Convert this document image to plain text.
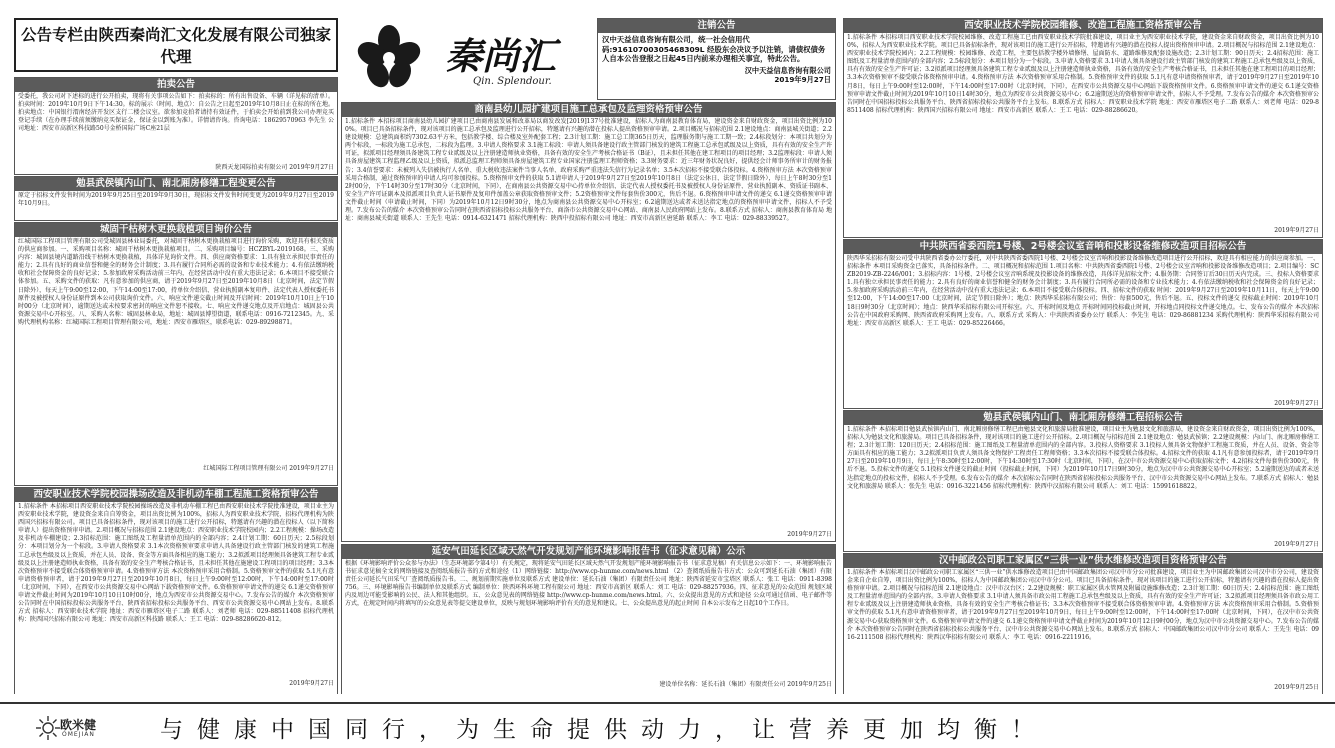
公告专栏由陕西秦尚汇文化发展有限公司独家代理
拍卖公告
受委托，我公司对下述标的进行公开拍卖，现将有关事项公告如下：拍卖标的：所有出售设备、车辆（详见标的清单）。拍卖时间：2019年10月9日下午14:30。标的展示（时间、地点）：自公告之日起至2019年10月8日止在标的所在地。拍卖地点：中国银行渭南经济开发区支行二楼会议室。欲参加竞拍者请持有效证件，于拍卖会开始前到我公司办理竞买登记手续（在办理手续前须缴纳竞买保证金，保证金以到账为准）。详情请咨询。咨询电话：18629570963 李先生 公司地址：西安市高新区科技路50号金桥国际广场C座21层
陕西天龙国际拍卖有限公司 2019年9月27日
勉县武侯镇内山门、南北厢房修缮工程变更公告
原定于招标文件发售时间为2019年9月25日至2019年9月30日，现招标文件发售时间变更为2019年9月27日至2019年10月9日。
城固干枯树木更换栽植项目询价公告
红城国际工程项目管理有限公司受城固县林业局委托，对城固干枯树木更换栽植项目进行询价采购，欢迎具有相关资质的供应商参加。一、采购项目名称：城固干枯树木更换栽植项目。二、采购项目编号：HCZBYL-2019168。三、采购内容：城固县境内道路沿线干枯树木更换栽植，具体详见询价文件。四、供应商资格要求：1.具有独立承担民事责任的能力；2.具有良好的商业信誉和健全的财务会计制度；3.具有履行合同所必需的设备和专业技术能力；4.有依法缴纳税收和社会保障资金的良好记录；5.参加政府采购活动前三年内，在经营活动中没有重大违法记录；6.本项目不接受联合体参加。五、采购文件的获取：凡有意参加的供应商，请于2019年9月27日至2019年10月8日（北京时间，法定节假日除外），每天上午9:00至12:00，下午14:00至17:00，持单位介绍信、营业执照副本复印件、法定代表人授权委托书原件及被授权人身份证原件到本公司获取询价文件。六、响应文件递交截止时间及开启时间：2019年10月10日上午10时00分（北京时间），逾期送达或未按要求密封的响应文件恕不接收。七、响应文件递交地点及开启地点：城固县公共资源交易中心开标室。八、采购人名称：城固县林业局，地址：城固县博望街道，联系电话：0916-7212345。九、采购代理机构名称：红城国际工程项目管理有限公司，地址：西安市雁塔区，联系电话：029-89298871。
红城国际工程项目管理有限公司 2019年9月27日
西安职业技术学院校园操场改造及非机动车棚工程施工资格预审公告
1.招标条件 本招标项目西安职业技术学院校园操场改造及非机动车棚工程已由西安职业技术学院批准建设，项目业主为西安职业技术学院，建设资金来自自筹资金，项目出资比例为100%，招标人为西安职业技术学院，招标代理机构为陕西国兴招标有限公司。项目已具备招标条件，现对该项目的施工进行公开招标，特邀请有兴趣的潜在投标人（以下简称申请人）提出资格预审申请。2.项目概况与招标范围 2.1建设地点：西安职业技术学院校园内；2.2工程规模：操场改造及非机动车棚建设；2.3招标范围：施工图纸及工程量清单范围内的全部内容；2.4计划工期：60日历天；2.5标段划分：本项目划分为一个标段。3.申请人资格要求 3.1本次资格预审要求申请人具备建设行政主管部门核发的建筑工程施工总承包叁级及以上资质，并在人员、设备、资金等方面具备相应的施工能力；3.2拟派项目经理须具备建筑工程专业贰级及以上注册建造师执业资格，具备有效的安全生产考核合格证书，且未担任其他在施建设工程项目的项目经理；3.3本次资格预审不接受联合体资格预审申请。4.资格预审方法 本次资格预审采用合格制。5.资格预审文件的获取 5.1凡有意申请资格预审者，请于2019年9月27日至2019年10月8日，每日上午9:00时至12:00时，下午14:00时至17:00时（北京时间，下同），在西安市公共资源交易中心网站下载资格预审文件。6.资格预审申请文件的递交 6.1递交资格预审申请文件截止时间为2019年10月10日10时00分，地点为西安市公共资源交易中心。7.发布公告的媒介 本次资格预审公告同时在中国招标投标公共服务平台、陕西省招标投标公共服务平台、西安市公共资源交易中心网站上发布。8.联系方式 招标人：西安职业技术学院 地址：西安市雁塔区电子二路 联系人：刘老师 电话：029-88511408 招标代理机构：陕西国兴招标有限公司 地址：西安市高新区科技路 联系人：王工 电话：029-88286620-812。
2019年9月27日
秦尚汇
Qin. Splendour.
注销公告
汉中天益信息咨询有限公司，统一社会信用代码:91610700305468309L 经股东会决议予以注销，请债权债务人自本公告登报之日起45日内前来办理相关事宜，特此公告。
汉中天益信息咨询有限公司
2019年9月27日
商南县幼儿园扩建项目施工总承包及监理资格预审公告
1.招标条件 本招标项目商南县幼儿园扩建项目已由商南县发展和改革局以商发改发[2019]137号批准建设，招标人为商南县教育体育局，建设资金来自财政资金，项目出资比例为100%。项目已具备招标条件，现对该项目的施工总承包及监理进行公开招标，特邀请有兴趣的潜在投标人提出资格预审申请。2.项目概况与招标范围 2.1建设地点：商南县城关街道；2.2建设规模：总建筑面积约7302.63平方米，包括教学楼、综合楼及室外配套工程；2.3计划工期：施工总工期365日历天，监理服务期与施工工期一致；2.4标段划分：本项目共划分为两个标段，一标段为施工总承包，二标段为监理。3.申请人资格要求 3.1施工标段：申请人须具备建设行政主管部门核发的建筑工程施工总承包贰级及以上资质，具有有效的安全生产许可证，拟派项目经理须具备建筑工程专业贰级及以上注册建造师执业资格，具备有效的安全生产考核合格证书（B证），且未担任其他在建工程项目的项目经理；3.2监理标段：申请人须具备房屋建筑工程监理乙级及以上资质，拟派总监理工程师须具备房屋建筑工程专业国家注册监理工程师资格；3.3财务要求：近三年财务状况良好，提供经会计师事务所审计的财务报告；3.4信誉要求：未被列入失信被执行人名单、重大税收违法案件当事人名单、政府采购严重违法失信行为记录名单；3.5本次招标不接受联合体投标。4.资格预审方法 本次资格预审采用合格制，通过资格预审的申请人均可参加投标。5.资格预审文件的获取 5.1请申请人于2019年9月27日至2019年10月8日（法定公休日、法定节假日除外），每日上午8时30分至12时00分，下午14时30分至17时30分（北京时间，下同），在商南县公共资源交易中心持单位介绍信、法定代表人授权委托书及被授权人身份证原件、营业执照副本、资质证书副本、安全生产许可证副本及拟派项目负责人证书原件及复印件加盖公章获取资格预审文件；5.2资格预审文件每套售价300元，售后不退。6.资格预审申请文件的递交 6.1递交资格预审申请文件截止时间（申请截止时间，下同）为2019年10月12日9时30分，地点为商南县公共资源交易中心开标室；6.2逾期送达或者未送达指定地点的资格预审申请文件，招标人不予受理。7.发布公告的媒介 本次资格预审公告同时在陕西省招标投标公共服务平台、商洛市公共资源交易中心网站、商南县人民政府网站上发布。8.联系方式 招标人：商南县教育体育局 地址：商南县城关街道 联系人：王先生 电话：0914-6321471 招标代理机构：陕西中投招标有限公司 地址：西安市高新区唐延路 联系人：李工 电话：029-88339527。
2019年9月27日
延安气田延长区域天然气开发规划产能环境影响报告书（征求意见稿）公示
根据《环境影响评价公众参与办法》（生态环境部令第4号）有关规定，现将延安气田延长区域天然气开发规划产能环境影响报告书（征求意见稿）有关信息公示如下：一、环境影响报告书征求意见稿全文的网络链接及查阅纸质报告书的方式和途径（1）网络链接：http://www.cp-hunme.com/news.html （2）查阅纸质报告书方式：公众可到延长石油（集团）有限责任公司延长气田采气厂查阅纸质报告书。二、规划前期实施单位及联系方式 建设单位：延长石油（集团）有限责任公司 地址：陕西省延安市宝塔区 联系人：张工 电话：0911-8398756。三、环境影响报告书编制单位及联系方式 编制单位：陕西环科环境工程有限公司 地址：西安市高新区 联系人：刘工 电话：029-88257936。四、征求意见的公众范围 规划区域内及周边可能受影响的公民、法人和其他组织。五、公众意见表的网络链接 http://www.cp-hunme.com/news.html。六、公众提出意见的方式和途径 公众可通过信函、电子邮件等方式，在规定时间内将填写的公众意见表等提交建设单位，反映与规划环境影响评价有关的意见和建议。七、公众提出意见的起止时间 自本公示发布之日起10个工作日。
建设单位名称：延长石油（集团）有限责任公司 2019年9月25日
西安职业技术学院校园维修、改造工程施工资格预审公告
1.招标条件 本招标项目西安职业技术学院校园维修、改造工程施工已由西安职业技术学院批准建设，项目业主为西安职业技术学院，建设资金来自财政资金，项目出资比例为100%，招标人为西安职业技术学院。项目已具备招标条件，现对该项目的施工进行公开招标，特邀请有兴趣的潜在投标人提出资格预审申请。2.项目概况与招标范围 2.1建设地点：西安职业技术学院校园内；2.2工程规模：校园维修、改造工程，主要包括教学楼外墙修缮、屋面防水、道路维修及配套设施改造；2.3计划工期：90日历天；2.4招标范围：施工图纸及工程量清单范围内的全部内容；2.5标段划分：本项目划分为一个标段。3.申请人资格要求 3.1申请人须具备建设行政主管部门核发的建筑工程施工总承包叁级及以上资质，具有有效的安全生产许可证；3.2拟派项目经理须具备建筑工程专业贰级及以上注册建造师执业资格，具备有效的安全生产考核合格证书，且未担任其他在建工程项目的项目经理；3.3本次资格预审不接受联合体资格预审申请。4.资格预审方法 本次资格预审采用合格制。5.资格预审文件的获取 5.1凡有意申请资格预审者，请于2019年9月27日至2019年10月8日，每日上午9:00时至12:00时，下午14:00时至17:00时（北京时间，下同），在西安市公共资源交易中心网站下载资格预审文件。6.资格预审申请文件的递交 6.1递交资格预审申请文件截止时间为2019年10月10日14时30分，地点为西安市公共资源交易中心；6.2逾期送达的资格预审申请文件，招标人不予受理。7.发布公告的媒介 本次资格预审公告同时在中国招标投标公共服务平台、陕西省招标投标公共服务平台上发布。8.联系方式 招标人：西安职业技术学院 地址：西安市雁塔区电子二路 联系人：刘老师 电话：029-88511408 招标代理机构：陕西国兴招标有限公司 地址：西安市高新区 联系人：王工 电话：029-88286620。
2019年9月27日
中共陕西省委西院1号楼、2号楼会议室音响和投影设备维修改造项目招标公告
陕西华采招标有限公司受中共陕西省委办公厅委托，对中共陕西省委西院1号楼、2号楼会议室音响和投影设备维修改造项目进行公开招标，欢迎具有相应能力的供应商参加。一、招标条件 本项目采购资金已落实，具备招标条件。二、项目概况和招标范围 1.项目名称：中共陕西省委西院1号楼、2号楼会议室音响和投影设备维修改造项目；2.项目编号：SCZB2019-ZB-2246/001；3.招标内容：1号楼、2号楼会议室音响系统及投影设备的维修改造，具体详见招标文件；4.服务期：合同签订后30日历天内完成。三、投标人资格要求 1.具有独立承担民事责任的能力；2.具有良好的商业信誉和健全的财务会计制度；3.具有履行合同所必需的设备和专业技术能力；4.有依法缴纳税收和社会保障资金的良好记录；5.参加政府采购活动前三年内，在经营活动中没有重大违法记录；6.本项目不接受联合体投标。四、招标文件的获取 时间：2019年9月27日至2019年10月11日，每天上午9:00至12:00，下午14:00至17:00（北京时间，法定节假日除外）；地点：陕西华采招标有限公司；售价：每套500元，售后不退。五、投标文件的递交 投标截止时间：2019年10月18日9时30分（北京时间）；地点：陕西华采招标有限公司开标室。六、开标时间及地点 开标时间同投标截止时间，开标地点同投标文件递交地点。七、发布公告的媒介 本次招标公告在中国政府采购网、陕西省政府采购网上发布。八、联系方式 采购人：中共陕西省委办公厅 联系人：李先生 电话：029-86881234 采购代理机构：陕西华采招标有限公司 地址：西安市高新区 联系人：王工 电话：029-85226466。
2019年9月27日
勉县武侯镇内山门、南北厢房修缮工程招标公告
1.招标条件 本招标项目勉县武侯镇内山门、南北厢房修缮工程已由勉县文化和旅游局批准建设，项目业主为勉县文化和旅游局，建设资金来自财政资金，项目出资比例为100%，招标人为勉县文化和旅游局。项目已具备招标条件，现对该项目的施工进行公开招标。2.项目概况与招标范围 2.1建设地点：勉县武侯镇；2.2建设规模：内山门、南北厢房修缮工程；2.3计划工期：120日历天；2.4招标范围：施工图纸及工程量清单范围内的全部内容。3.投标人资格要求 3.1投标人须具备文物保护工程施工资质，并在人员、设备、资金等方面具有相应的施工能力；3.2拟派项目负责人须具备文物保护工程责任工程师资格；3.3本次招标不接受联合体投标。4.招标文件的获取 4.1凡有意参加投标者，请于2019年9月27日至2019年10月9日，每日上午8:30时至12:00时，下午14:30时至17:30时（北京时间，下同），在汉中市公共资源交易中心获取招标文件；4.2招标文件每套售价300元，售后不退。5.投标文件的递交 5.1投标文件递交的截止时间（投标截止时间，下同）为2019年10月17日9时30分，地点为汉中市公共资源交易中心开标室；5.2逾期送达的或者未送达指定地点的投标文件，招标人不予受理。6.发布公告的媒介 本次招标公告同时在陕西省招标投标公共服务平台、汉中市公共资源交易中心网站上发布。7.联系方式 招标人：勉县文化和旅游局 联系人：张先生 电话：0916-3221456 招标代理机构：陕西中汉招标有限公司 联系人：刘工 电话：15991618822。
2019年9月27日
汉中邮政公司职工家属区“三供一业”供水维修改造项目资格预审公告
1.招标条件 本招标项目汉中邮政公司职工家属区“三供一业”供水维修改造项目已由中国邮政集团公司汉中市分公司批准建设，项目业主为中国邮政集团公司汉中市分公司，建设资金来自企业自筹，项目出资比例为100%，招标人为中国邮政集团公司汉中市分公司。项目已具备招标条件，现对该项目的施工进行公开招标，特邀请有兴趣的潜在投标人提出资格预审申请。2.项目概况与招标范围 2.1建设地点：汉中市汉台区；2.2建设规模：职工家属区供水管网及附属设施维修改造；2.3计划工期：60日历天；2.4招标范围：施工图纸及工程量清单范围内的全部内容。3.申请人资格要求 3.1申请人须具备市政公用工程施工总承包叁级及以上资质，具有有效的安全生产许可证；3.2拟派项目经理须具备市政公用工程专业贰级及以上注册建造师执业资格，具备有效的安全生产考核合格证书；3.3本次资格预审不接受联合体资格预审申请。4.资格预审方法 本次资格预审采用合格制。5.资格预审文件的获取 5.1凡有意申请资格预审者，请于2019年9月27日至2019年10月9日，每日上午9:00时至12:00时，下午14:00时至17:00时（北京时间，下同），在汉中市公共资源交易中心获取资格预审文件。6.资格预审申请文件的递交 6.1递交资格预审申请文件截止时间为2019年10月12日9时00分，地点为汉中市公共资源交易中心。7.发布公告的媒介 本次资格预审公告同时在陕西省招标投标公共服务平台、汉中市公共资源交易中心网站上发布。8.联系方式 招标人：中国邮政集团公司汉中市分公司 联系人：王先生 电话：0916-2111508 招标代理机构：陕西汉华招标有限公司 联系人：李工 电话：0916-2211916。
2019年9月25日
欧米健
OMEJIAN	与健康中国同行，为生命提供动力，让营养更加均衡！
